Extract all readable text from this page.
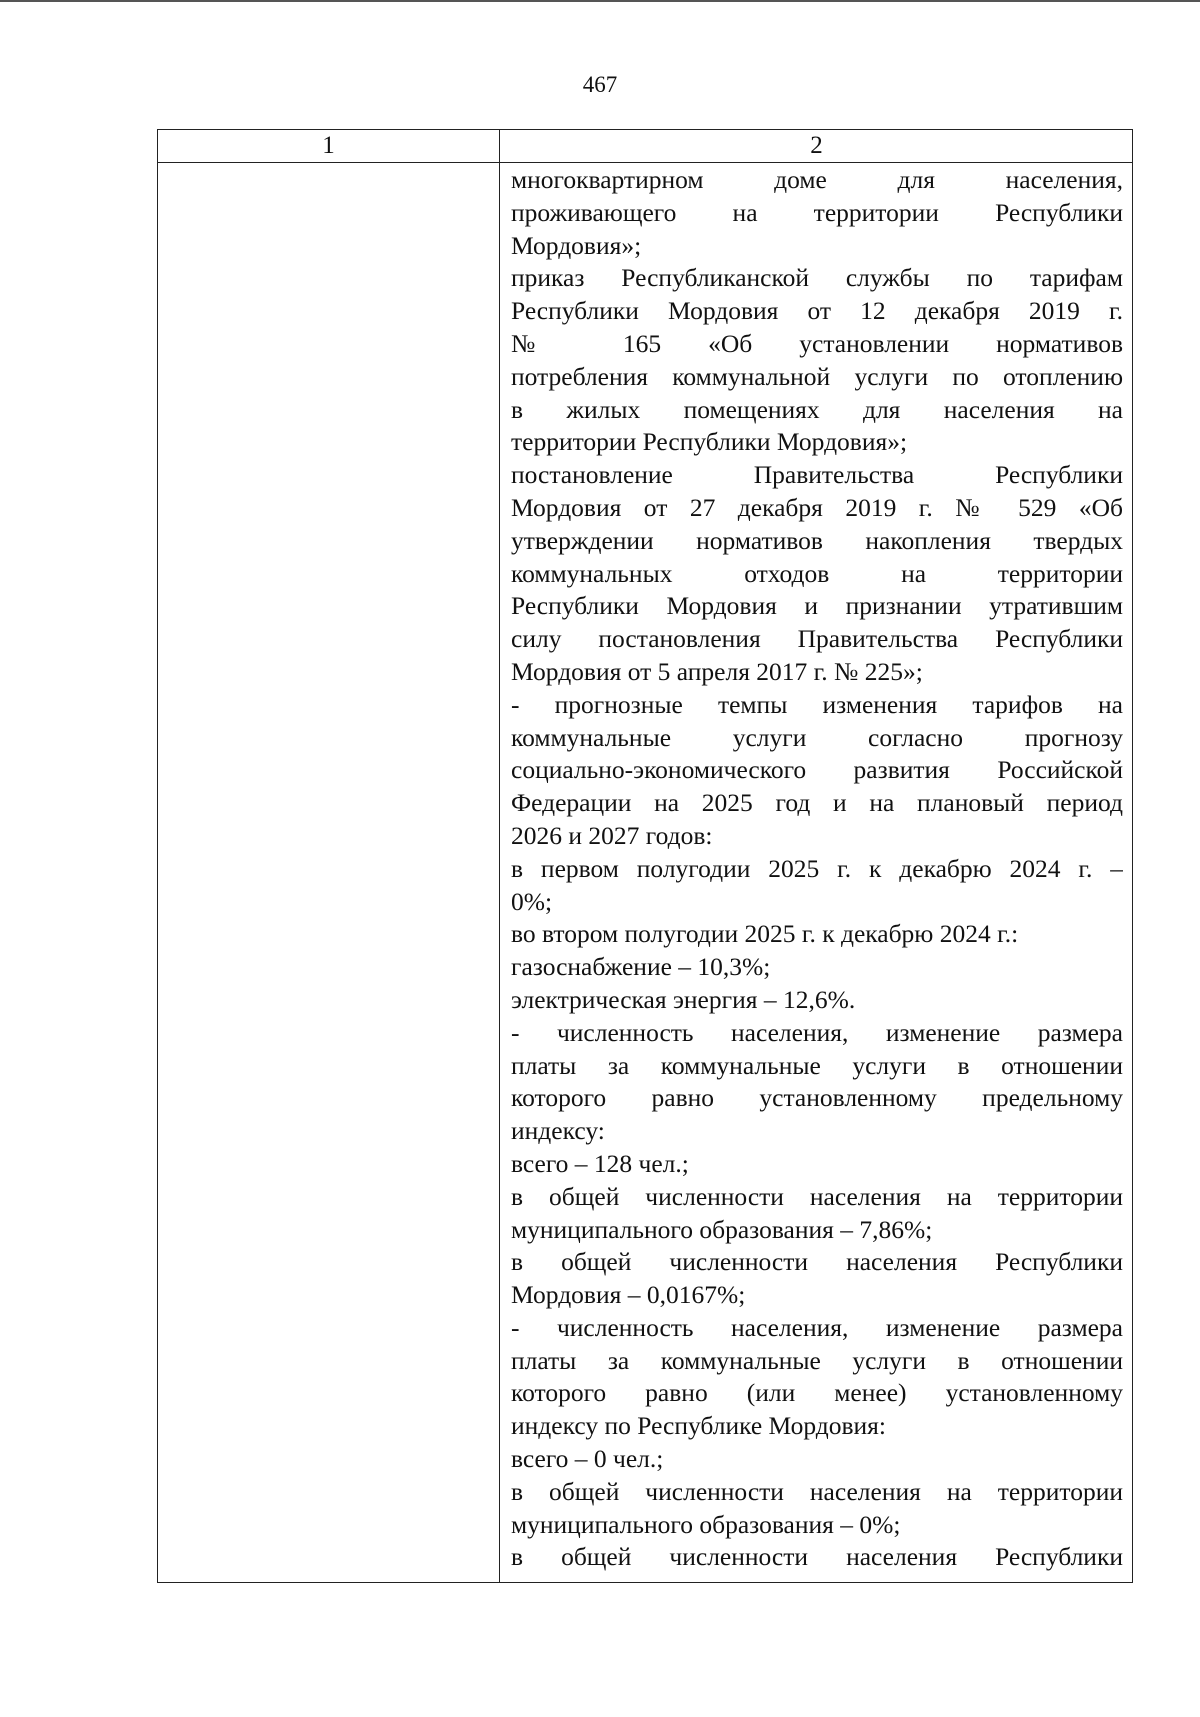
467
1	2
многоквартирном доме для населения,
проживающего на территории Республики
Мордовия»;
приказ Республиканской службы по тарифам
Республики Мордовия от 12 декабря 2019 г.
№ 165 «Об установлении нормативов
потребления коммунальной услуги по отоплению
в жилых помещениях для населения на
территории Республики Мордовия»;
постановление Правительства Республики
Мордовия от 27 декабря 2019 г. № 529 «Об
утверждении нормативов накопления твердых
коммунальных отходов на территории
Республики Мордовия и признании утратившим
силу постановления Правительства Республики
Мордовия от 5 апреля 2017 г. № 225»;
- прогнозные темпы изменения тарифов на
коммунальные услуги согласно прогнозу
социально-экономического развития Российской
Федерации на 2025 год и на плановый период
2026 и 2027 годов:
в первом полугодии 2025 г. к декабрю 2024 г. –
0%;
во втором полугодии 2025 г. к декабрю 2024 г.:
газоснабжение – 10,3%;
электрическая энергия – 12,6%.
- численность населения, изменение размера
платы за коммунальные услуги в отношении
которого равно установленному предельному
индексу:
всего – 128 чел.;
в общей численности населения на территории
муниципального образования – 7,86%;
в общей численности населения Республики
Мордовия – 0,0167%;
- численность населения, изменение размера
платы за коммунальные услуги в отношении
которого равно (или менее) установленному
индексу по Республике Мордовия:
всего – 0 чел.;
в общей численности населения на территории
муниципального образования – 0%;
в общей численности населения Республики
